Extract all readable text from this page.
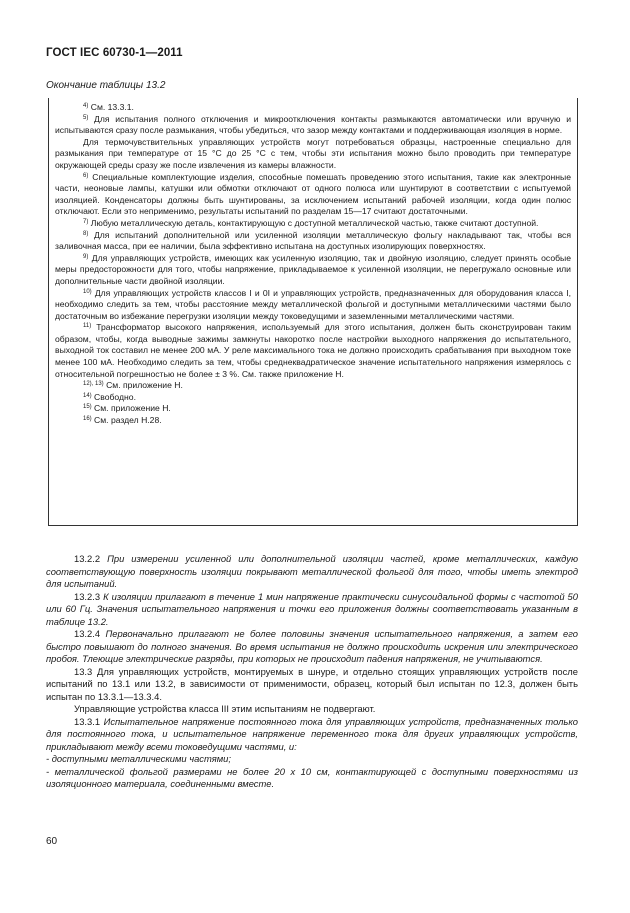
ГОСТ IEC 60730-1—2011
Окончание таблицы 13.2

$^{4)}$ См. 13.3.1.

$^{5)}$ Для испытания полного отключения и микроотключения контакты размыкаются автоматически или вручную и испытываются сразу после размыкания, чтобы убедиться, что зазор между контактами и поддерживающая изоляция в норме.

Для термочувствительных управляющих устройств могут потребоваться образцы, настроенные специально для размыкания при температуре от 15 °С до 25 °С с тем, чтобы эти испытания можно было проводить при температуре окружающей среды сразу же после извлечения из камеры влажности.

$^{6)}$ Специальные комплектующие изделия, способные помешать проведению этого испытания, такие как электронные части, неоновые лампы, катушки или обмотки отключают от одного полюса или шунтируют в соответствии с испытуемой изоляцией. Конденсаторы должны быть шунтированы, за исключением испытаний рабочей изоляции, когда один полюс отключают. Если это неприменимо, результаты испытаний по разделам 15—17 считают достаточными.

$^{7)}$ Любую металлическую деталь, контактирующую с доступной металлической частью, также считают доступной.

$^{8)}$ Для испытаний дополнительной или усиленной изоляции металлическую фольгу накладывают так, чтобы вся заливочная масса, при ее наличии, была эффективно испытана на доступных изолирующих поверхностях.

$^{9)}$ Для управляющих устройств, имеющих как усиленную изоляцию, так и двойную изоляцию, следует принять особые меры предосторожности для того, чтобы напряжение, прикладываемое к усиленной изоляции, не перегружало основные или дополнительные части двойной изоляции.

$^{10)}$ Для управляющих устройств классов I и 0I и управляющих устройств, предназначенных для оборудования класса I, необходимо следить за тем, чтобы расстояние между металлической фольгой и доступными металлическими частями было достаточным во избежание перегрузки изоляции между токоведущими и заземленными металлическими частями.

$^{11)}$ Трансформатор высокого напряжения, используемый для этого испытания, должен быть сконструирован таким образом, чтобы, когда выводные зажимы замкнуты накоротко после настройки выходного напряжения до испытательного, выходной ток составил не менее 200 мА. У реле максимального тока не должно происходить срабатывания при выходном токе менее 100 мА. Необходимо следить за тем, чтобы среднеквадратическое значение испытательного напряжения измерялось с относительной погрешностью не более ± 3 %. См. также приложение Н.

$^{12), 13)}$ См. приложение Н.

$^{14)}$ Свободно.

$^{15)}$ См. приложение Н.

$^{16)}$ См. раздел Н.28.

13.2.2 При измерении усиленной или дополнительной изоляции частей, кроме металлических, каждую соответствующую поверхность изоляции покрывают металлической фольгой для того, чтобы иметь электрод для испытаний.

13.2.3 К изоляции прилагают в течение 1 мин напряжение практически синусоидальной формы с частотой 50 или 60 Гц. Значения испытательного напряжения и точки его приложения должны соответствовать указанным в таблице 13.2.

13.2.4 Первоначально прилагают не более половины значения испытательного напряжения, а затем его быстро повышают до полного значения. Во время испытания не должно происходить искрения или электрического пробоя. Тлеющие электрические разряды, при которых не происходит падения напряжения, не учитываются.

13.3 Для управляющих устройств, монтируемых в шнуре, и отдельно стоящих управляющих устройств после испытаний по 13.1 или 13.2, в зависимости от применимости, образец, который был испытан по 12.3, должен быть испытан по 13.3.1—13.3.4.

Управляющие устройства класса III этим испытаниям не подвергают.

13.3.1 Испытательное напряжение постоянного тока для управляющих устройств, предназначенных только для постоянного тока, и испытательное напряжение переменного тока для других управляющих устройств, прикладывают между всеми токоведущими частями, и:

- доступными металлическими частями;

- металлической фольгой размерами не более 20 х 10 см, контактирующей с доступными поверхностями из изоляционного материала, соединенными вместе.

60
